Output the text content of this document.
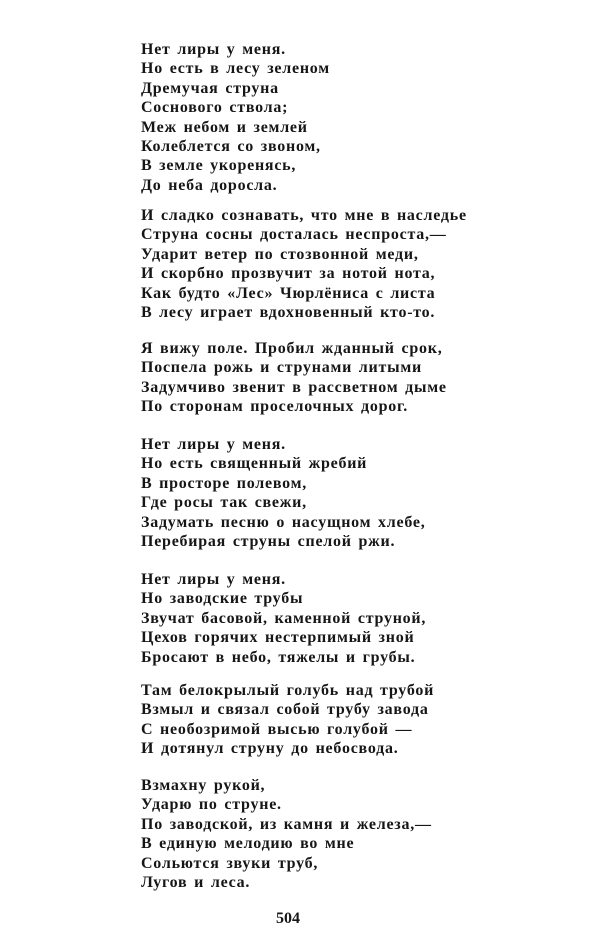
Нет лиры у меня.
Но есть в лесу зеленом
Дремучая струна
Соснового ствола;
Меж небом и землей
Колеблется со звоном,
В земле укоренясь,
До неба доросла.
И сладко сознавать, что мне в наследье
Струна сосны досталась неспроста,—
Ударит ветер по стозвонной меди,
И скорбно прозвучит за нотой нота,
Как будто «Лес» Чюрлёниса с листа
В лесу играет вдохновенный кто-то.
Я вижу поле. Пробил жданный срок,
Поспела рожь и струнами литыми
Задумчиво звенит в рассветном дыме
По сторонам проселочных дорог.
Нет лиры у меня.
Но есть священный жребий
В просторе полевом,
Где росы так свежи,
Задумать песню о насущном хлебе,
Перебирая струны спелой ржи.
Нет лиры у меня.
Но заводские трубы
Звучат басовой, каменной струной,
Цехов горячих нестерпимый зной
Бросают в небо, тяжелы и грубы.
Там белокрылый голубь над трубой
Взмыл и связал собой трубу завода
С необозримой высью голубой —
И дотянул струну до небосвода.
Взмахну рукой,
Ударю по струне.
По заводской, из камня и железа,—
В единую мелодию во мне
Сольются звуки труб,
Лугов и леса.
504
